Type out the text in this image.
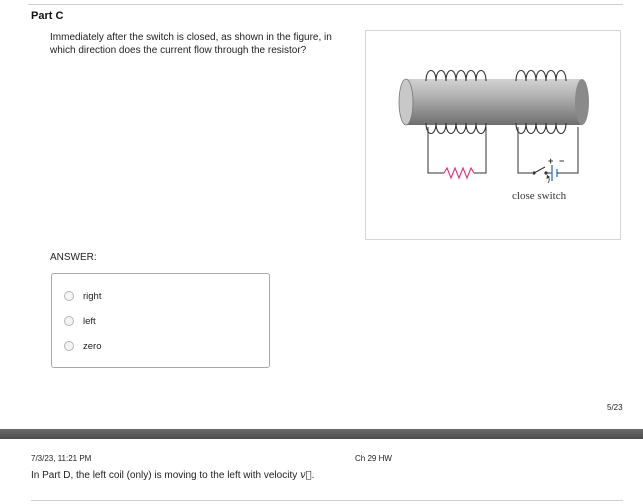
Part C
Immediately after the switch is closed, as shown in the figure, in which direction does the current flow through the resistor?
+ −
close switch
ANSWER:
right
left
zero
5/23
7/3/23, 11:21 PM	Ch 29 HW
In Part D, the left coil (only) is moving to the left with velocity v⃗.
